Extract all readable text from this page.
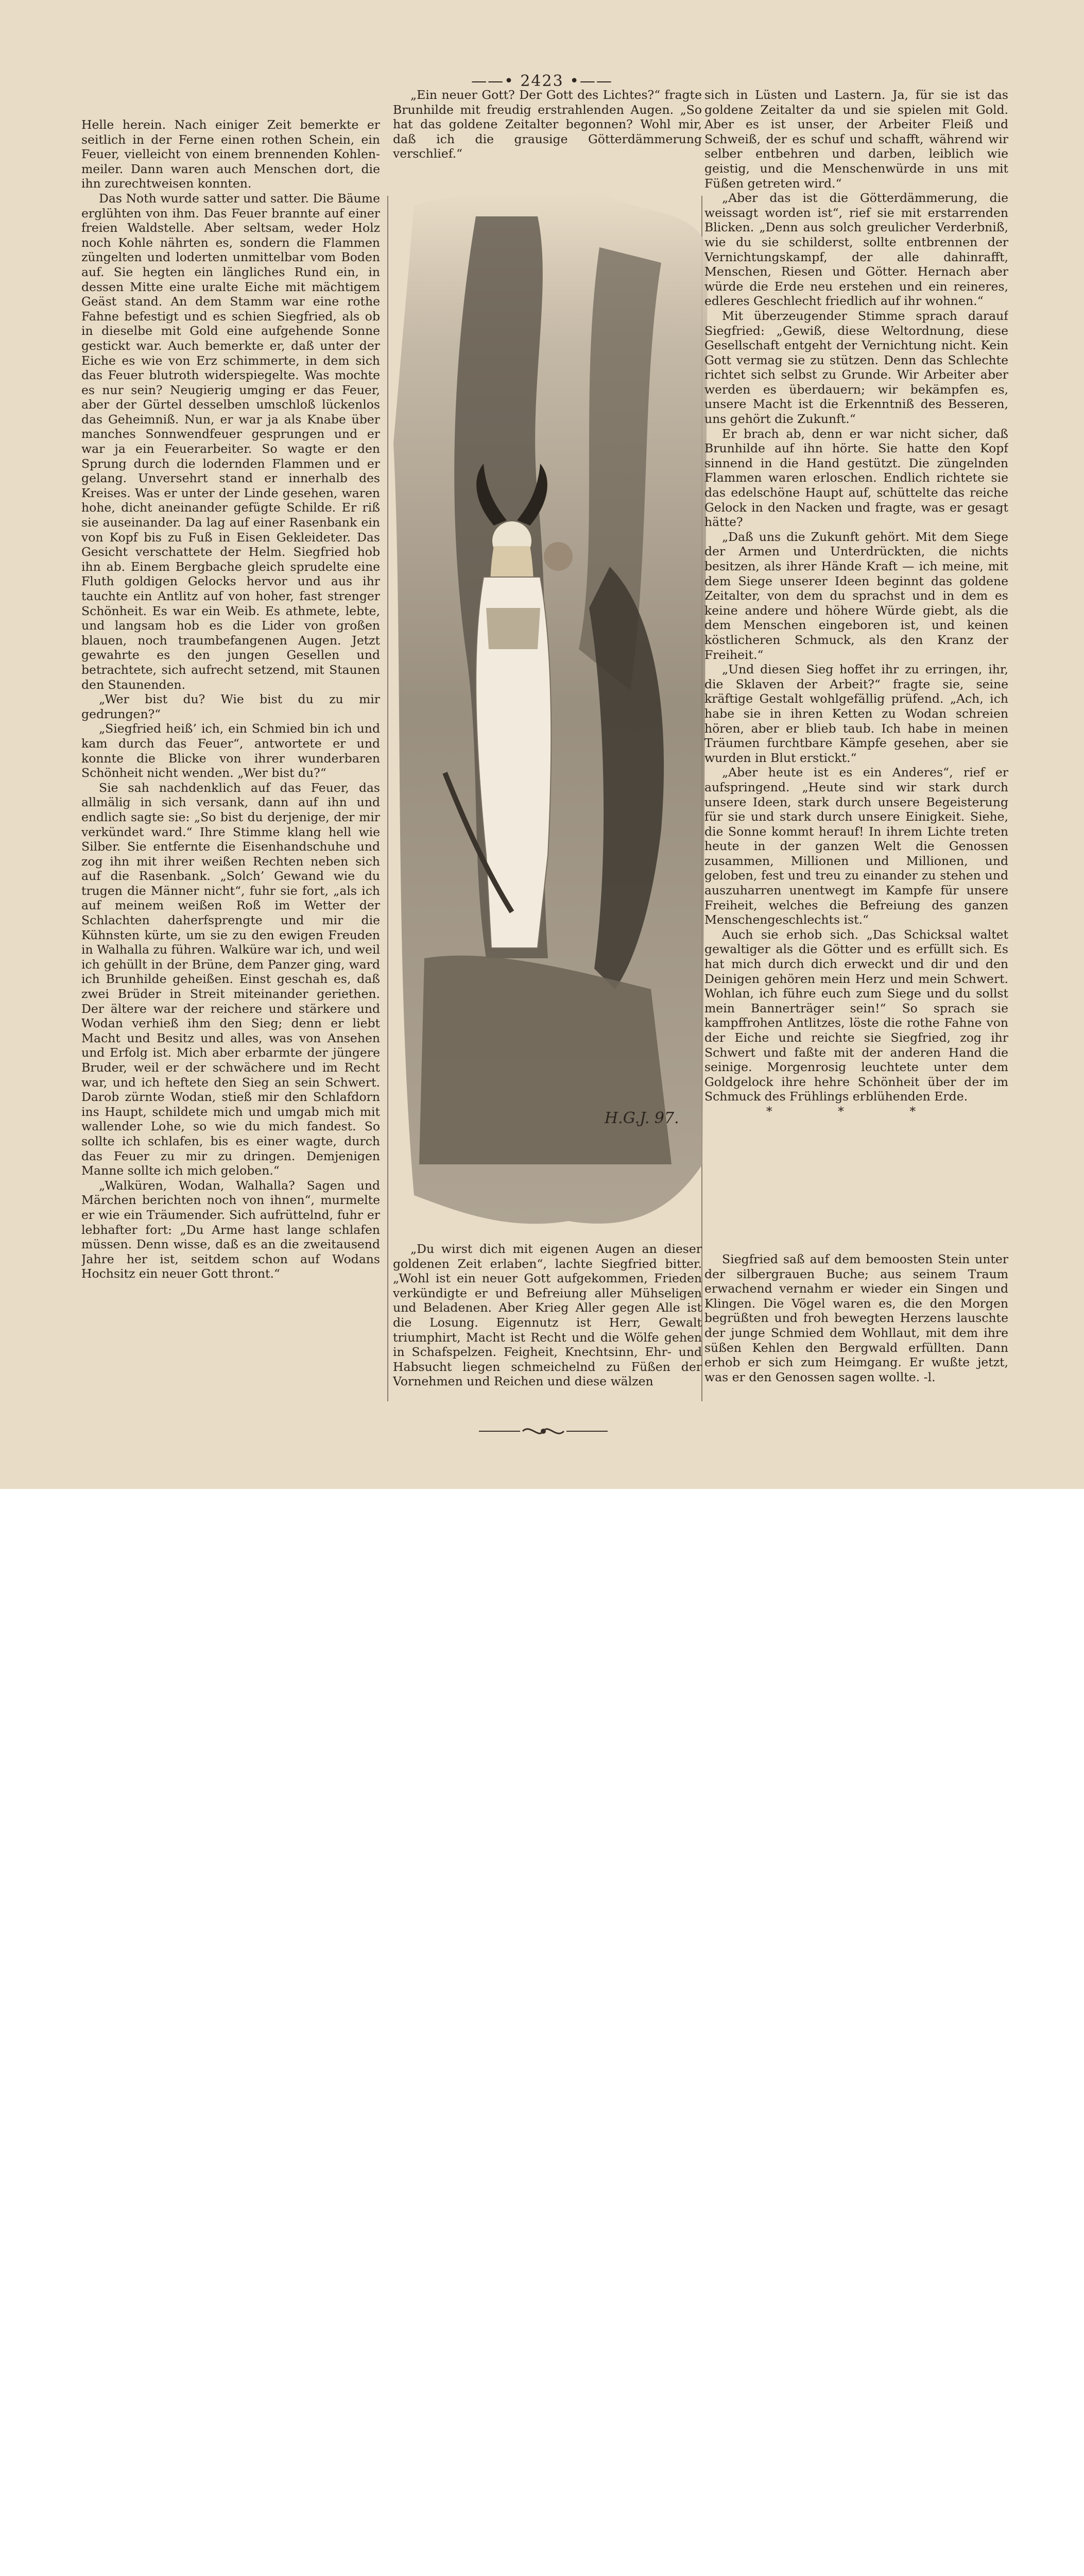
——• 2423 •——

Helle herein. Nach einiger Zeit bemerkte er seitlich in der Ferne einen rothen Schein, ein Feuer, vielleicht von einem brennenden Kohlen-meiler. Dann waren auch Menschen dort, die ihn zurechtweisen konnten.

Das Noth wurde satter und satter. Die Bäume erglühten von ihm. Das Feuer brannte auf einer freien Waldstelle. Aber seltsam, weder Holz noch Kohle nährten es, sondern die Flammen züngelten und loderten unmittelbar vom Boden auf. Sie hegten ein längliches Rund ein, in dessen Mitte eine uralte Eiche mit mächtigem Geäst stand. An dem Stamm war eine rothe Fahne befestigt und es schien Siegfried, als ob in dieselbe mit Gold eine aufgehende Sonne gestickt war. Auch bemerkte er, daß unter der Eiche es wie von Erz schimmerte, in dem sich das Feuer blutroth widerspiegelte. Was mochte es nur sein? Neugierig umging er das Feuer, aber der Gürtel desselben umschloß lückenlos das Geheimniß. Nun, er war ja als Knabe über manches Sonnwendfeuer gesprungen und er war ja ein Feuerarbeiter. So wagte er den Sprung durch die lodernden Flammen und er gelang. Unversehrt stand er innerhalb des Kreises. Was er unter der Linde gesehen, waren hohe, dicht aneinander gefügte Schilde. Er riß sie auseinander. Da lag auf einer Rasenbank ein von Kopf bis zu Fuß in Eisen Gekleideter. Das Gesicht verschattete der Helm. Siegfried hob ihn ab. Einem Bergbache gleich sprudelte eine Fluth goldigen Gelocks hervor und aus ihr tauchte ein Antlitz auf von hoher, fast strenger Schönheit. Es war ein Weib. Es athmete, lebte, und langsam hob es die Lider von großen blauen, noch traumbefangenen Augen. Jetzt gewahrte es den jungen Gesellen und betrachtete, sich aufrecht setzend, mit Staunen den Staunenden.

„Wer bist du? Wie bist du zu mir gedrungen?“

„Siegfried heiß’ ich, ein Schmied bin ich und kam durch das Feuer“, antwortete er und konnte die Blicke von ihrer wunderbaren Schönheit nicht wenden. „Wer bist du?“

Sie sah nachdenklich auf das Feuer, das allmälig in sich versank, dann auf ihn und endlich sagte sie: „So bist du derjenige, der mir verkündet ward.“ Ihre Stimme klang hell wie Silber. Sie entfernte die Eisenhandschuhe und zog ihn mit ihrer weißen Rechten neben sich auf die Rasenbank. „Solch’ Gewand wie du trugen die Männer nicht“, fuhr sie fort, „als ich auf meinem weißen Roß im Wetter der Schlachten daherfsprengte und mir die Kühnsten kürte, um sie zu den ewigen Freuden in Walhalla zu führen. Walküre war ich, und weil ich gehüllt in der Brüne, dem Panzer ging, ward ich Brunhilde geheißen. Einst geschah es, daß zwei Brüder in Streit miteinander geriethen. Der ältere war der reichere und stärkere und Wodan verhieß ihm den Sieg; denn er liebt Macht und Besitz und alles, was von Ansehen und Erfolg ist. Mich aber erbarmte der jüngere Bruder, weil er der schwächere und im Recht war, und ich heftete den Sieg an sein Schwert. Darob zürnte Wodan, stieß mir den Schlafdorn ins Haupt, schildete mich und umgab mich mit wallender Lohe, so wie du mich fandest. So sollte ich schlafen, bis es einer wagte, durch das Feuer zu mir zu dringen. Demjenigen Manne sollte ich mich geloben.“

„Walküren, Wodan, Walhalla? Sagen und Märchen berichten noch von ihnen“, murmelte er wie ein Träumender. Sich aufrüttelnd, fuhr er lebhafter fort: „Du Arme hast lange schlafen müssen. Denn wisse, daß es an die zweitausend Jahre her ist, seitdem schon auf Wodans Hochsitz ein neuer Gott thront.“

„Ein neuer Gott? Der Gott des Lichtes?“ fragte Brunhilde mit freudig erstrahlenden Augen. „So hat das goldene Zeitalter begonnen? Wohl mir, daß ich die grausige Götterdämmerung verschlief.“

H.G.J. 97.

„Du wirst dich mit eigenen Augen an dieser goldenen Zeit erlaben“, lachte Siegfried bitter. „Wohl ist ein neuer Gott aufgekommen, Frieden verkündigte er und Befreiung aller Mühseligen und Beladenen. Aber Krieg Aller gegen Alle ist die Losung. Eigennutz ist Herr, Gewalt triumphirt, Macht ist Recht und die Wölfe gehen in Schafspelzen. Feigheit, Knechtsinn, Ehr- und Habsucht liegen schmeichelnd zu Füßen der Vornehmen und Reichen und diese wälzen

sich in Lüsten und Lastern. Ja, für sie ist das goldene Zeitalter da und sie spielen mit Gold. Aber es ist unser, der Arbeiter Fleiß und Schweiß, der es schuf und schafft, während wir selber entbehren und darben, leiblich wie geistig, und die Menschenwürde in uns mit Füßen getreten wird.“

„Aber das ist die Götterdämmerung, die weissagt worden ist“, rief sie mit erstarrenden Blicken. „Denn aus solch greulicher Verderbniß, wie du sie schilderst, sollte entbrennen der Vernichtungskampf, der alle dahinrafft, Menschen, Riesen und Götter. Hernach aber würde die Erde neu erstehen und ein reineres, edleres Geschlecht friedlich auf ihr wohnen.“

Mit überzeugender Stimme sprach darauf Siegfried: „Gewiß, diese Weltordnung, diese Gesellschaft entgeht der Vernichtung nicht. Kein Gott vermag sie zu stützen. Denn das Schlechte richtet sich selbst zu Grunde. Wir Arbeiter aber werden es überdauern; wir bekämpfen es, unsere Macht ist die Erkenntniß des Besseren, uns gehört die Zukunft.“

Er brach ab, denn er war nicht sicher, daß Brunhilde auf ihn hörte. Sie hatte den Kopf sinnend in die Hand gestützt. Die züngelnden Flammen waren erloschen. Endlich richtete sie das edelschöne Haupt auf, schüttelte das reiche Gelock in den Nacken und fragte, was er gesagt hätte?

„Daß uns die Zukunft gehört. Mit dem Siege der Armen und Unterdrückten, die nichts besitzen, als ihrer Hände Kraft — ich meine, mit dem Siege unserer Ideen beginnt das goldene Zeitalter, von dem du sprachst und in dem es keine andere und höhere Würde giebt, als die dem Menschen eingeboren ist, und keinen köstlicheren Schmuck, als den Kranz der Freiheit.“

„Und diesen Sieg hoffet ihr zu erringen, ihr, die Sklaven der Arbeit?“ fragte sie, seine kräftige Gestalt wohlgefällig prüfend. „Ach, ich habe sie in ihren Ketten zu Wodan schreien hören, aber er blieb taub. Ich habe in meinen Träumen furchtbare Kämpfe gesehen, aber sie wurden in Blut erstickt.“

„Aber heute ist es ein Anderes“, rief er aufspringend. „Heute sind wir stark durch unsere Ideen, stark durch unsere Begeisterung für sie und stark durch unsere Einigkeit. Siehe, die Sonne kommt herauf! In ihrem Lichte treten heute in der ganzen Welt die Genossen zusammen, Millionen und Millionen, und geloben, fest und treu zu einander zu stehen und auszuharren unentwegt im Kampfe für unsere Freiheit, welches die Befreiung des ganzen Menschengeschlechts ist.“

Auch sie erhob sich. „Das Schicksal waltet gewaltiger als die Götter und es erfüllt sich. Es hat mich durch dich erweckt und dir und den Deinigen gehören mein Herz und mein Schwert. Wohlan, ich führe euch zum Siege und du sollst mein Bannerträger sein!“ So sprach sie kampffrohen Antlitzes, löste die rothe Fahne von der Eiche und reichte sie Siegfried, zog ihr Schwert und faßte mit der anderen Hand die seinige. Morgenrosig leuchtete unter dem Goldgelock ihre hehre Schönheit über der im Schmuck des Frühlings erblühenden Erde.

* * *

Siegfried saß auf dem bemoosten Stein unter der silbergrauen Buche; aus seinem Traum erwachend vernahm er wieder ein Singen und Klingen. Die Vögel waren es, die den Morgen begrüßten und froh bewegten Herzens lauschte der junge Schmied dem Wohllaut, mit dem ihre süßen Kehlen den Bergwald erfüllten. Dann erhob er sich zum Heimgang. Er wußte jetzt, was er den Genossen sagen wollte. -l.
